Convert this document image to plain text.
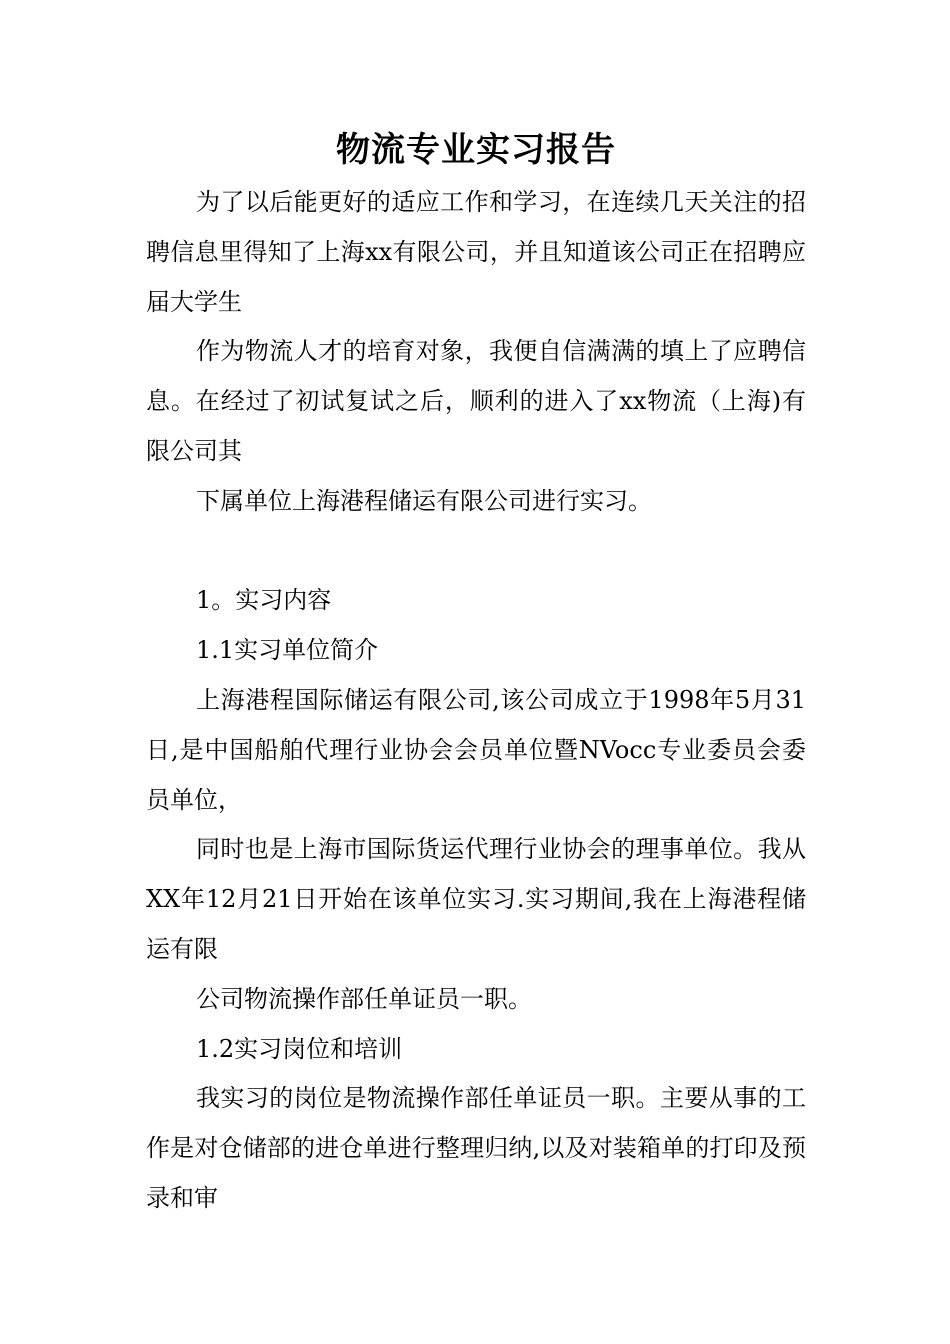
物流专业实习报告

为了以后能更好的适应工作和学习，在连续几天关注的招聘信息里得知了上海xx有限公司，并且知道该公司正在招聘应届大学生

作为物流人才的培育对象，我便自信满满的填上了应聘信息。在经过了初试复试之后，顺利的进入了xx物流（上海)有限公司其

下属单位上海港程储运有限公司进行实习。

1。实习内容

1.1实习单位简介

上海港程国际储运有限公司,该公司成立于1998年5月31日,是中国船舶代理行业协会会员单位暨NVocc专业委员会委员单位，

同时也是上海市国际货运代理行业协会的理事单位。我从XX年12月21日开始在该单位实习.实习期间,我在上海港程储运有限

公司物流操作部任单证员一职。

1.2实习岗位和培训

我实习的岗位是物流操作部任单证员一职。主要从事的工作是对仓储部的进仓单进行整理归纳,以及对装箱单的打印及预录和审
